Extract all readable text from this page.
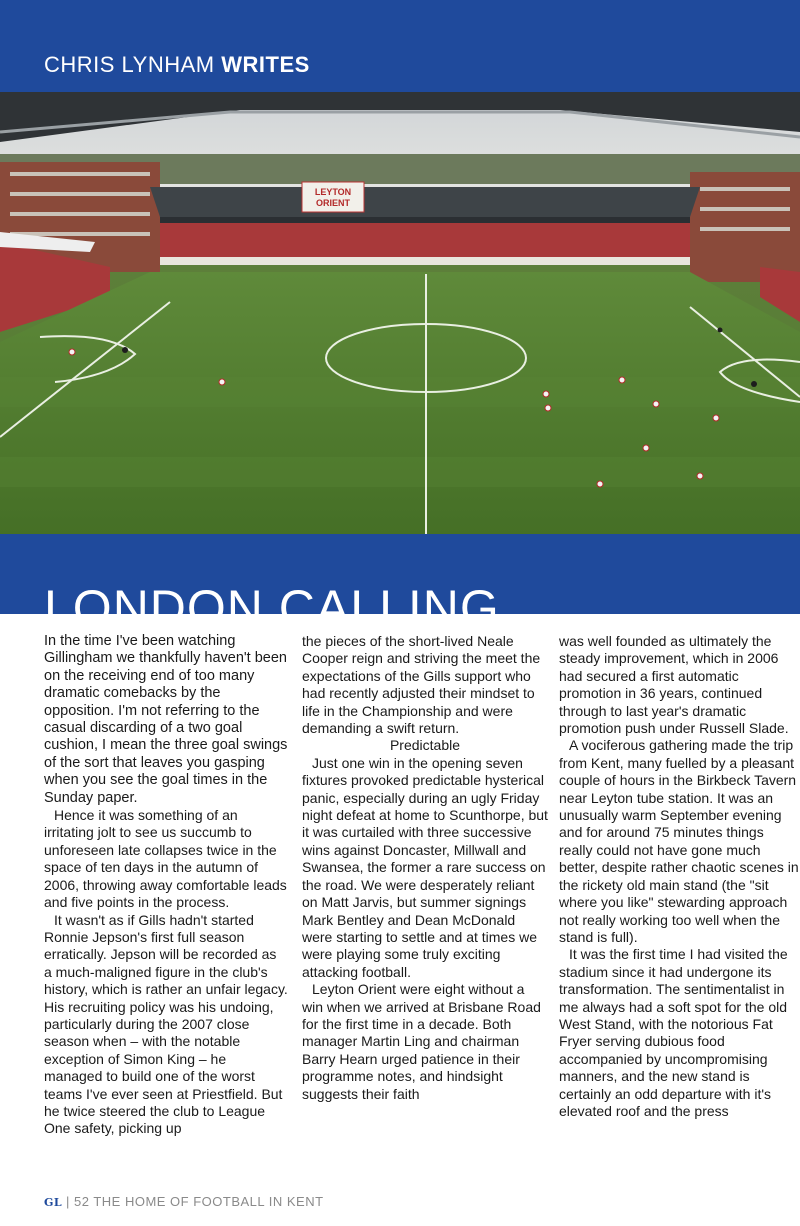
CHRIS LYNHAM WRITES
LEYTON
ORIENT
LONDON CALLING

In the time I've been watching Gillingham we thankfully haven't been on the receiving end of too many dramatic comebacks by the opposition. I'm not referring to the casual discarding of a two goal cushion, I mean the three goal swings of the sort that leaves you gasping when you see the goal times in the Sunday paper.

Hence it was something of an irritating jolt to see us succumb to unforeseen late collapses twice in the space of ten days in the autumn of 2006, throwing away comfortable leads and five points in the process.

It wasn't as if Gills hadn't started Ronnie Jepson's first full season erratically. Jepson will be recorded as a much-maligned figure in the club's history, which is rather an unfair legacy. His recruiting policy was his undoing, particularly during the 2007 close season when – with the notable exception of Simon King – he managed to build one of the worst teams I've ever seen at Priestfield. But he twice steered the club to League One safety, picking up

the pieces of the short-lived Neale Cooper reign and striving the meet the expectations of the Gills support who had recently adjusted their mindset to life in the Championship and were demanding a swift return.

Predictable

Just one win in the opening seven fixtures provoked predictable hysterical panic, especially during an ugly Friday night defeat at home to Scunthorpe, but it was curtailed with three successive wins against Doncaster, Millwall and Swansea, the former a rare success on the road. We were desperately reliant on Matt Jarvis, but summer signings Mark Bentley and Dean McDonald were starting to settle and at times we were playing some truly exciting attacking football.

Leyton Orient were eight without a win when we arrived at Brisbane Road for the first time in a decade. Both manager Martin Ling and chairman Barry Hearn urged patience in their programme notes, and hindsight suggests their faith

was well founded as ultimately the steady improvement, which in 2006 had secured a first automatic promotion in 36 years, continued through to last year's dramatic promotion push under Russell Slade.

A vociferous gathering made the trip from Kent, many fuelled by a pleasant couple of hours in the Birkbeck Tavern near Leyton tube station. It was an unusually warm September evening and for around 75 minutes things really could not have gone much better, despite rather chaotic scenes in the rickety old main stand (the "sit where you like" stewarding approach not really working too well when the stand is full).

It was the first time I had visited the stadium since it had undergone its transformation. The sentimentalist in me always had a soft spot for the old West Stand, with the notorious Fat Fryer serving dubious food accompanied by uncompromising manners, and the new stand is certainly an odd departure with it's elevated roof and the press

GL | 52 THE HOME OF FOOTBALL IN KENT
